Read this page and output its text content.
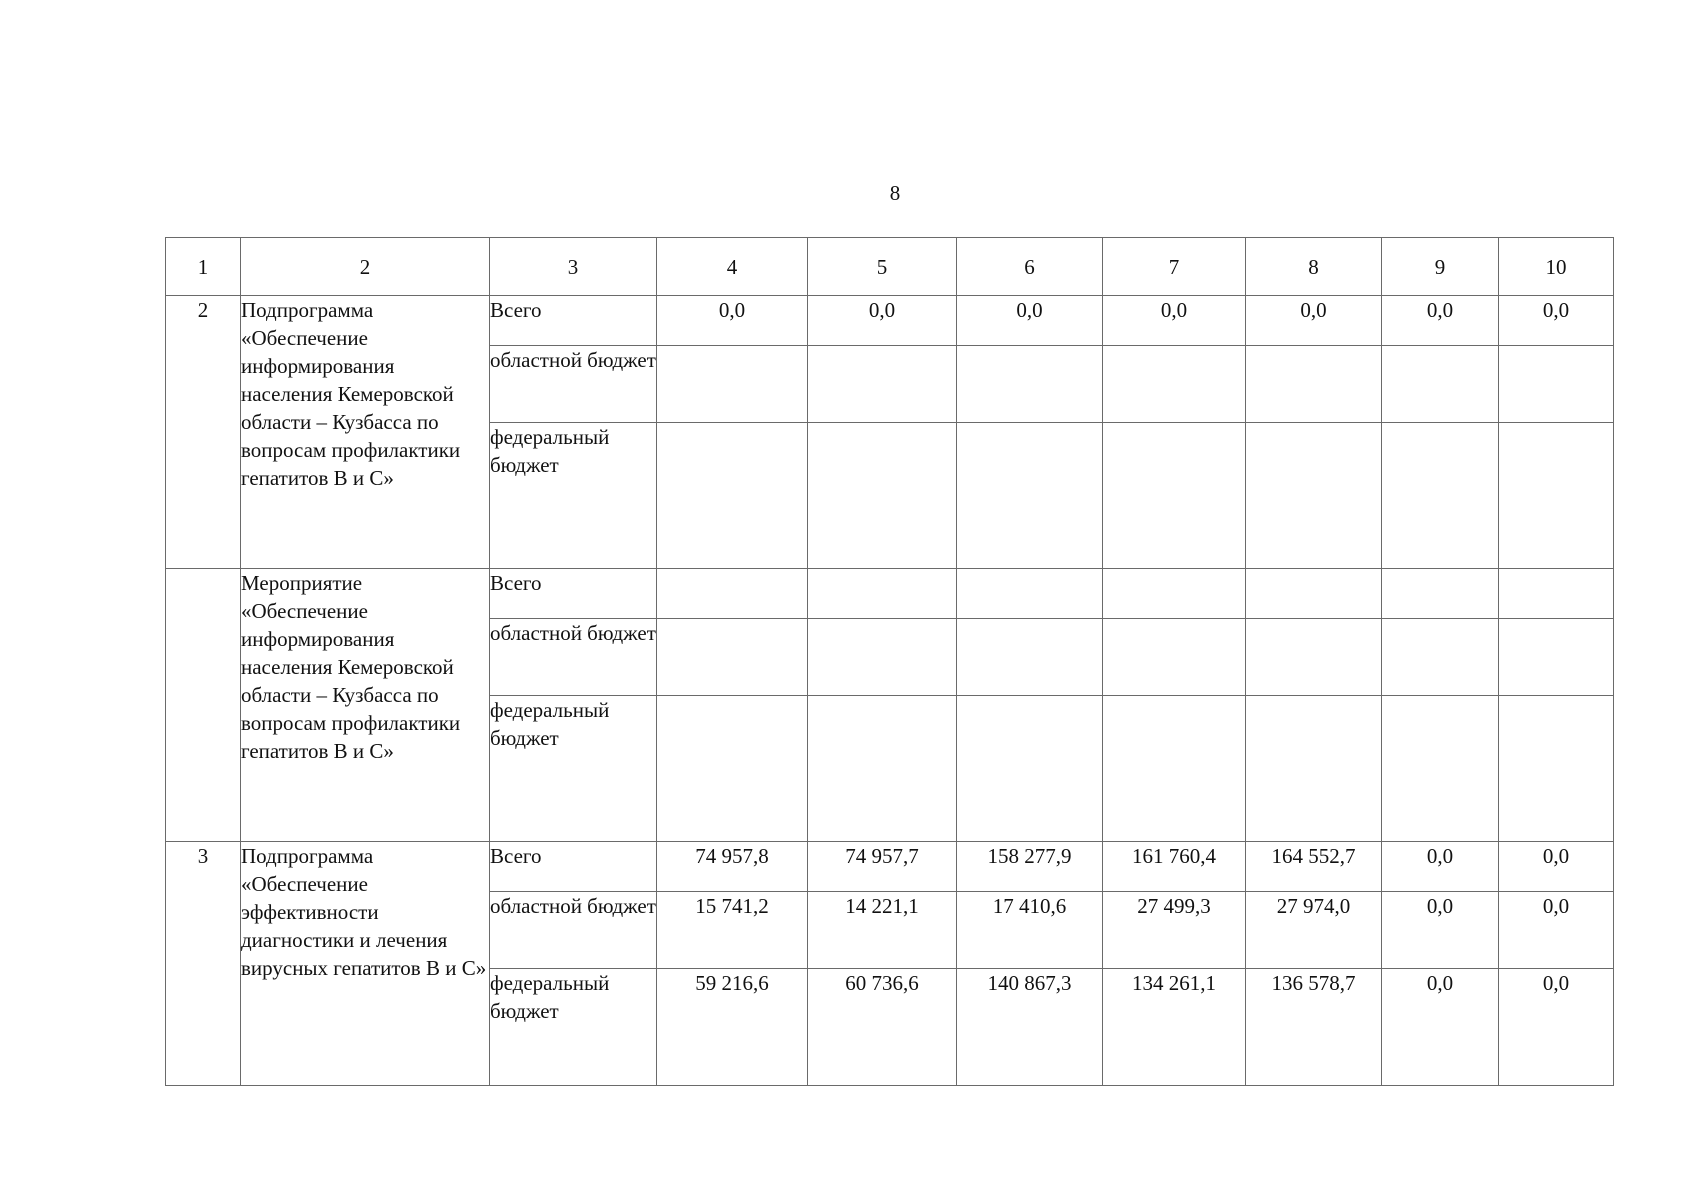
8
1	2	3	4	5	6	7	8	9	10
2	Подпрограмма «Обеспечение информирования населения Кемеровской области – Кузбасса по вопросам профилактики гепатитов В и С»	Всего	0,0	0,0	0,0	0,0	0,0	0,0	0,0
		областной бюджет							
		федеральный бюджет							
	Мероприятие «Обеспечение информирования населения Кемеровской области – Кузбасса по вопросам профилактики гепатитов В и С»	Всего							
		областной бюджет							
		федеральный бюджет							
3	Подпрограмма «Обеспечение эффективности диагностики и лечения вирусных гепатитов В и С»	Всего	74 957,8	74 957,7	158 277,9	161 760,4	164 552,7	0,0	0,0
		областной бюджет	15 741,2	14 221,1	17 410,6	27 499,3	27 974,0	0,0	0,0
		федеральный бюджет	59 216,6	60 736,6	140 867,3	134 261,1	136 578,7	0,0	0,0
